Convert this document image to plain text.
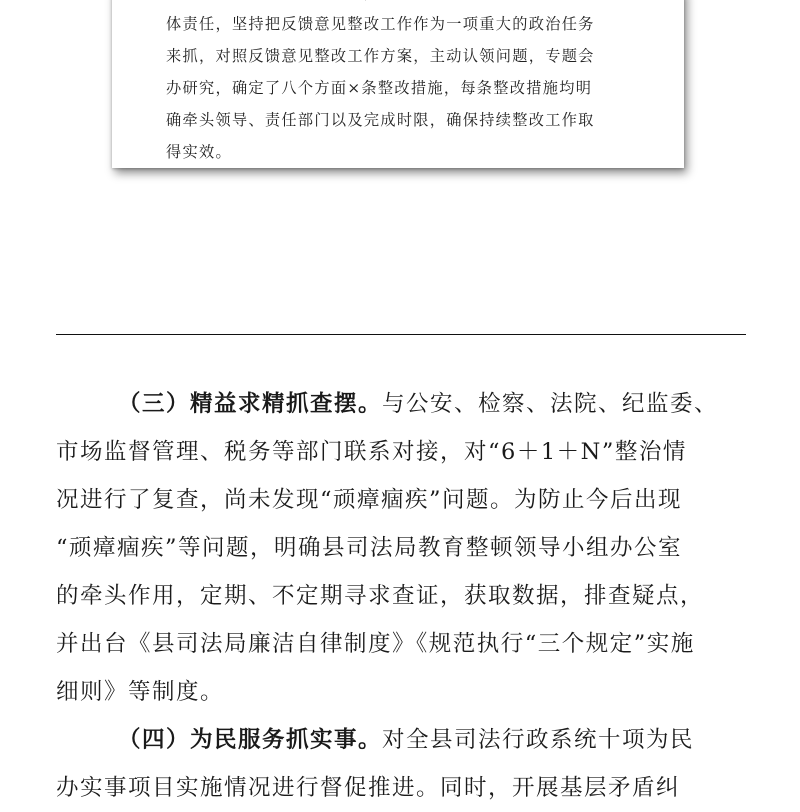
体责任，坚持把反馈意见整改工作作为一项重大的政治任务
来抓，对照反馈意见整改工作方案，主动认领问题，专题会
办研究，确定了八个方面×条整改措施，每条整改措施均明
确牵头领导、责任部门以及完成时限，确保持续整改工作取
得实效。
（三）精益求精抓查摆。与公安、检察、法院、纪监委、
市场监督管理、税务等部门联系对接，对“6＋1＋N”整治情
况进行了复查，尚未发现“顽瘴痼疾”问题。为防止今后出现
“顽瘴痼疾”等问题，明确县司法局教育整顿领导小组办公室
的牵头作用，定期、不定期寻求查证，获取数据，排查疑点，
并出台《县司法局廉洁自律制度》《规范执行“三个规定”实施
细则》等制度。
（四）为民服务抓实事。对全县司法行政系统十项为民
办实事项目实施情况进行督促推进。同时，开展基层矛盾纠
